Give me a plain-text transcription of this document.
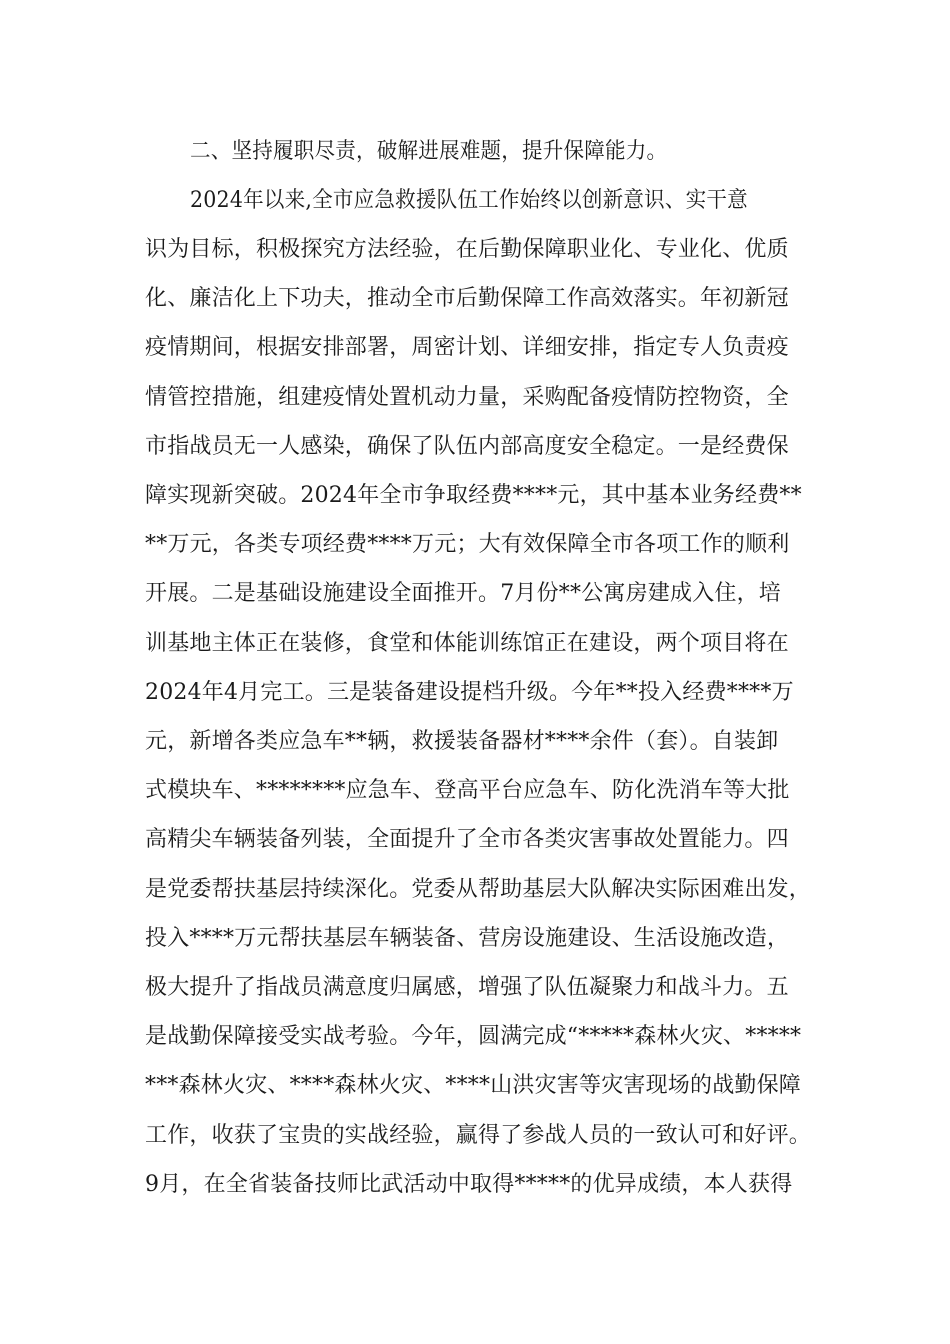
二、坚持履职尽责，破解进展难题，提升保障能力。
2024年以来,全市应急救援队伍工作始终以创新意识、实干意
识为目标，积极探究方法经验，在后勤保障职业化、专业化、优质
化、廉洁化上下功夫，推动全市后勤保障工作高效落实。年初新冠
疫情期间，根据安排部署，周密计划、详细安排，指定专人负责疫
情管控措施，组建疫情处置机动力量，采购配备疫情防控物资，全
市指战员无一人感染，确保了队伍内部高度安全稳定。一是经费保
障实现新突破。2024年全市争取经费****元，其中基本业务经费**
**万元，各类专项经费****万元；大有效保障全市各项工作的顺利
开展。二是基础设施建设全面推开。7月份**公寓房建成入住，培
训基地主体正在装修，食堂和体能训练馆正在建设，两个项目将在
2024年4月完工。三是装备建设提档升级。今年**投入经费****万
元，新增各类应急车**辆，救援装备器材****余件（套）。自装卸
式模块车、********应急车、登高平台应急车、防化洗消车等大批
高精尖车辆装备列装，全面提升了全市各类灾害事故处置能力。四
是党委帮扶基层持续深化。党委从帮助基层大队解决实际困难出发，
投入****万元帮扶基层车辆装备、营房设施建设、生活设施改造，
极大提升了指战员满意度归属感，增强了队伍凝聚力和战斗力。五
是战勤保障接受实战考验。今年，圆满完成“*****森林火灾、*****
***森林火灾、****森林火灾、****山洪灾害等灾害现场的战勤保障
工作，收获了宝贵的实战经验，赢得了参战人员的一致认可和好评。
9月，在全省装备技师比武活动中取得*****的优异成绩，本人获得
